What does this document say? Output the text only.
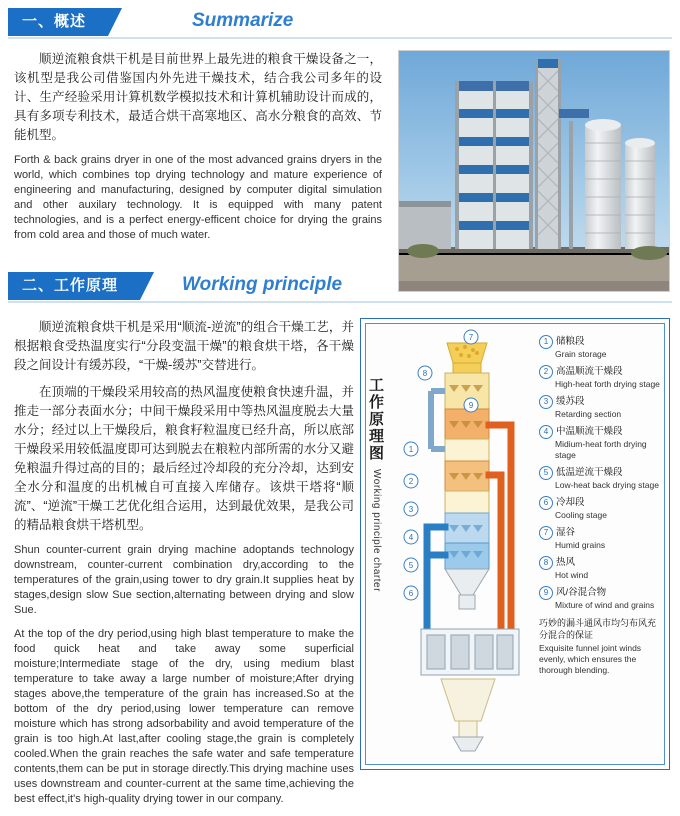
一、概述	Summarize

顺逆流粮食烘干机是目前世界上最先进的粮食干燥设备之一，该机型是我公司借鉴国内外先进干燥技术，结合我公司多年的设计、生产经验采用计算机数学模拟技术和计算机辅助设计而成的，具有多项专利技术，最适合烘干高寒地区、高水分粮食的高效、节能机型。

Forth & back grains dryer in one of the most advanced grains dryers in the world, which combines top drying technology and mature experience of engineering and manufacturing, designed by computer digital simulation and other auxilary technology. It is equipped with many patent technologies, and is a perfect energy-efficent choice for drying the grains from cold area and those of much water.

二、工作原理	Working principle

顺逆流粮食烘干机是采用“顺流-逆流”的组合干燥工艺，并根据粮食受热温度实行“分段变温干燥”的粮食烘干塔，各干燥段之间设计有缓苏段，“干燥-缓苏”交替进行。

在顶端的干燥段采用较高的热风温度使粮食快速升温，并推走一部分表面水分；中间干燥段采用中等热风温度脱去大量水分；经过以上干燥段后，粮食籽粒温度已经升高，所以底部干燥段采用较低温度即可达到脱去在粮粒内部所需的水分又避免粮温升得过高的目的；最后经过冷却段的充分冷却，达到安全水分和温度的出机械自可直接入库储存。该烘干塔将“顺流”、“逆流”干燥工艺优化组合运用，达到最优效果，是我公司的精品粮食烘干塔机型。

Shun counter-current grain drying machine adoptands technology downstream, counter-current combination dry,according to the temperatures of the grain,using tower to dry grain.It supplies heat by stages,design slow Sue section,alternating between drying and slow Sue.

At the top of the dry period,using high blast temperature to make the food quick heat and take away some superficial moisture;Intermediate stage of the dry, using medium blast temperature to take away a large number of moisture;After drying stages above,the temperature of the grain has increased.So at the bottom of the dry period,using lower temperature can remove moisture which has strong adsorbability and avoid temperature of the grain is too high.At last,after cooling stage,the grain is completely cooled.When the grain reaches the safe water and safe temperature contents,them can be put in storage directly.This drying machine uses uses downstream and counter-current at the same time,achieving the best effect,it's high-quality drying tower in our company.

工作原理图
Working principle charter
7
8
9
1
2
3
4
5
6
1 储粮段
Grain storage
2 高温顺流干燥段
High-heat forth drying stage
3 缓苏段
Retarding section
4 中温顺流干燥段
Midium-heat forth drying stage
5 低温逆流干燥段
Low-heat back drying stage
6 冷却段
Cooling stage
7 湿谷
Humid grains
8 热风
Hot wind
9 风/谷混合物
Mixture of wind and grains
巧妙的漏斗通风市均匀布风充分混合的保证
Exquisite funnel joint winds evenly, which ensures the thorough blending.
